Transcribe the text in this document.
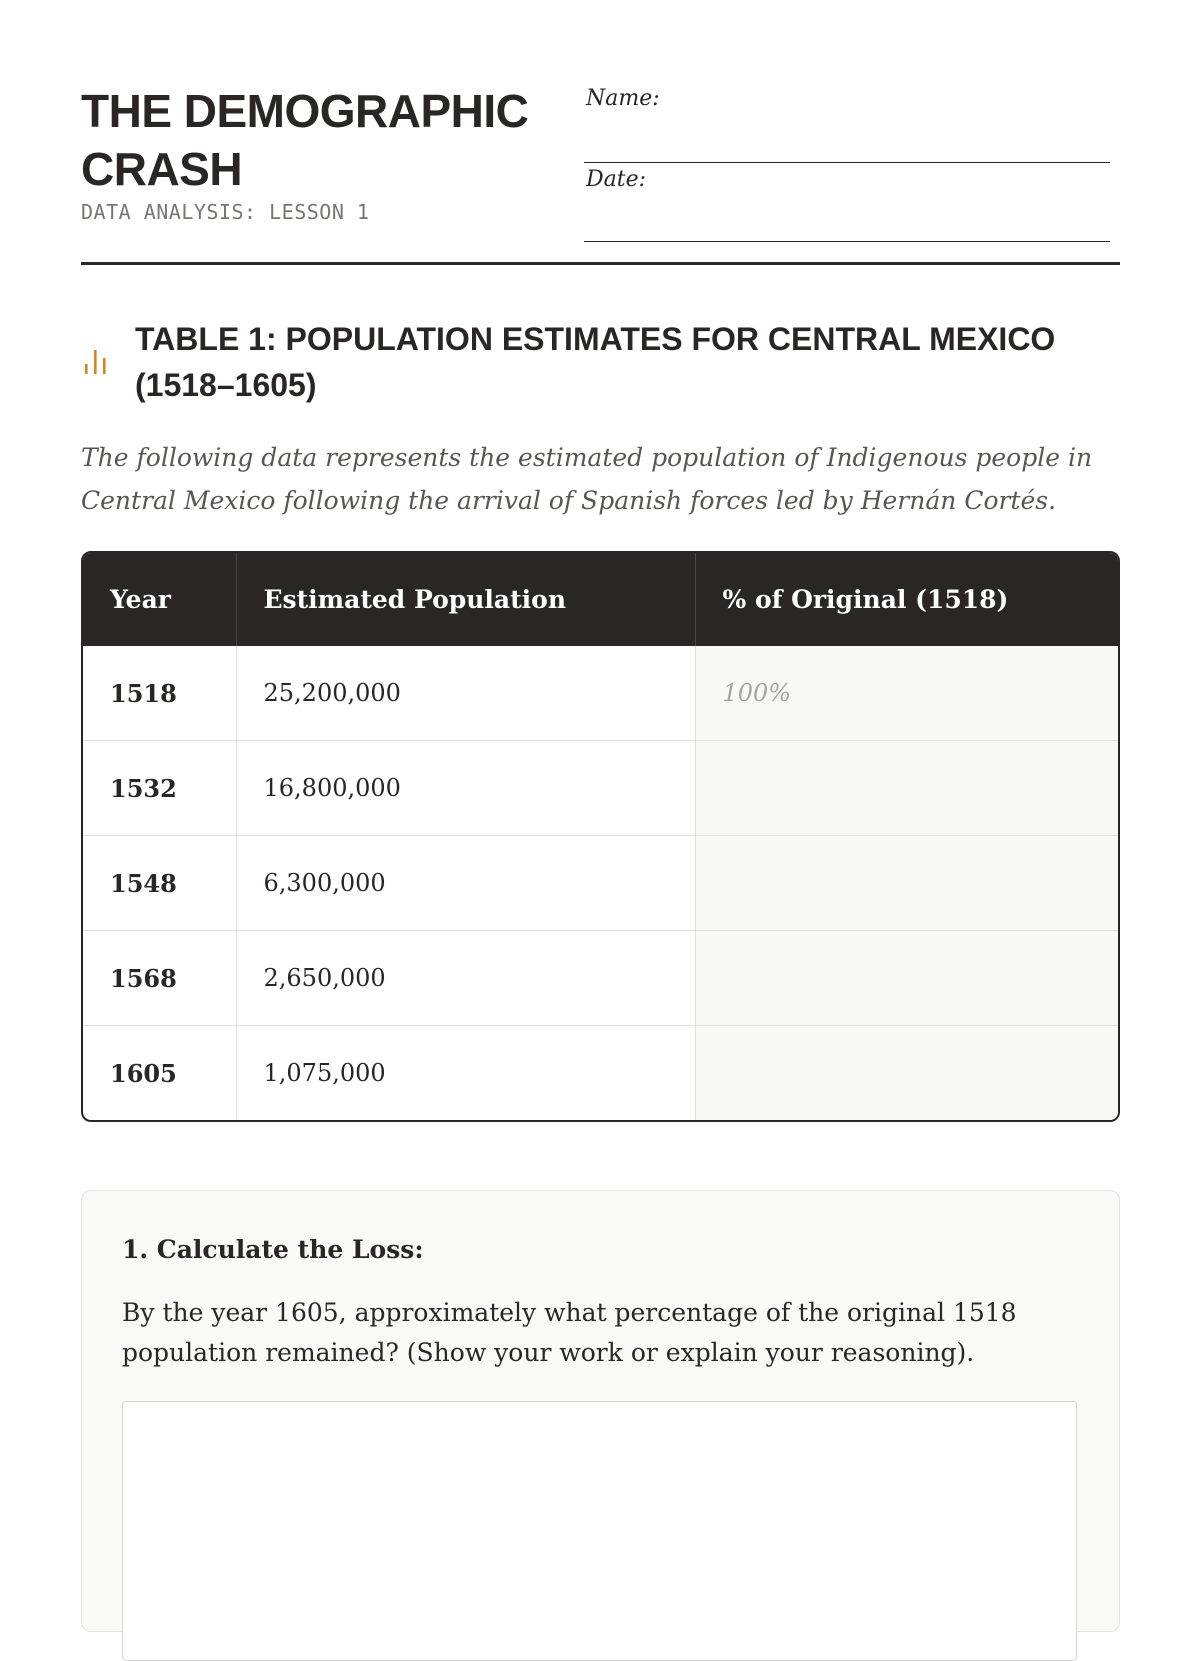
THE DEMOGRAPHIC
CRASH
DATA ANALYSIS: LESSON 1
Name:
Date:
TABLE 1: POPULATION ESTIMATES FOR CENTRAL MEXICO
(1518–1605)

The following data represents the estimated population of Indigenous people in Central Mexico following the arrival of Spanish forces led by Hernán Cortés.

Year	Estimated Population	% of Original (1518)
1518	25,200,000	100%
1532	16,800,000	
1548	6,300,000	
1568	2,650,000	
1605	1,075,000	
1. Calculate the Loss:
By the year 1605, approximately what percentage of the original 1518 population remained? (Show your work or explain your reasoning).
